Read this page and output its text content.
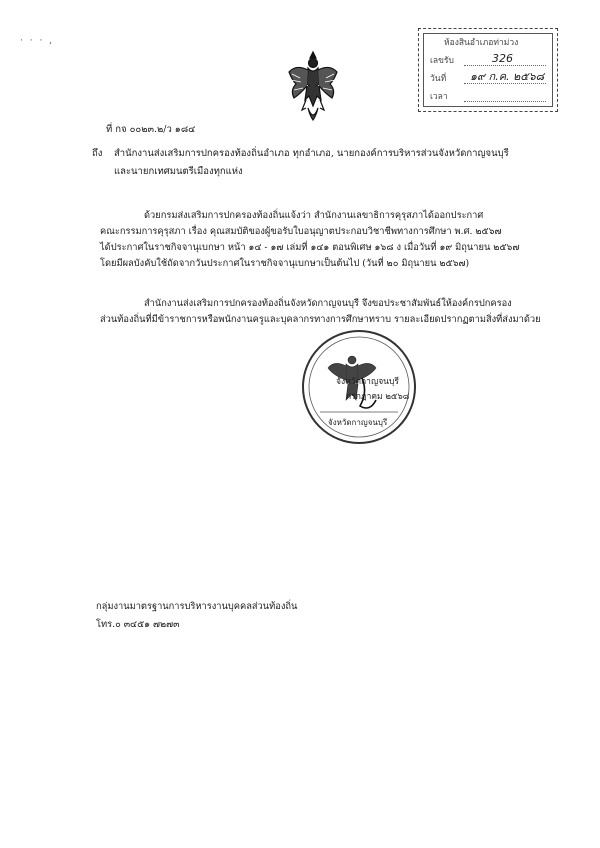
· · · ,	ห้องสินอำเภอท่าม่วง
เลขรับ	326
วันที่ ๑๙ ก.ค. ๒๕๖๘
เวลา
ที่ กจ ๐๐๒๓.๒/ว ๑๘๔
ถึง สำนักงานส่งเสริมการปกครองท้องถิ่นอำเภอ ทุกอำเภอ, นายกองค์การบริหารส่วนจังหวัดกาญจนบุรี
และนายกเทศมนตรีเมืองทุกแห่ง
ด้วยกรมส่งเสริมการปกครองท้องถิ่นแจ้งว่า สำนักงานเลขาธิการคุรุสภาได้ออกประกาศ
คณะกรรมการคุรุสภา เรื่อง คุณสมบัติของผู้ขอรับใบอนุญาตประกอบวิชาชีพทางการศึกษา พ.ศ. ๒๕๖๗
ได้ประกาศในราชกิจจานุเบกษา หน้า ๑๔ - ๑๗ เล่มที่ ๑๔๑ ตอนพิเศษ ๑๖๘ ง เมื่อวันที่ ๑๙ มิถุนายน ๒๕๖๗
โดยมีผลบังคับใช้ถัดจากวันประกาศในราชกิจจานุเบกษาเป็นต้นไป (วันที่ ๒๐ มิถุนายน ๒๕๖๗)
สำนักงานส่งเสริมการปกครองท้องถิ่นจังหวัดกาญจนบุรี จึงขอประชาสัมพันธ์ให้องค์กรปกครอง
ส่วนท้องถิ่นที่มีข้าราชการหรือพนักงานครูและบุคลากรทางการศึกษาทราบ รายละเอียดปรากฏตามสิ่งที่ส่งมาด้วย
จังหวัดกาญจนบุรี
กรกฎาคม ๒๕๖๘
จังหวัดกาญจนบุรี
กลุ่มงานมาตรฐานการบริหารงานบุคคลส่วนท้องถิ่น
โทร.๐ ๓๔๕๑ ๗๒๗๓
